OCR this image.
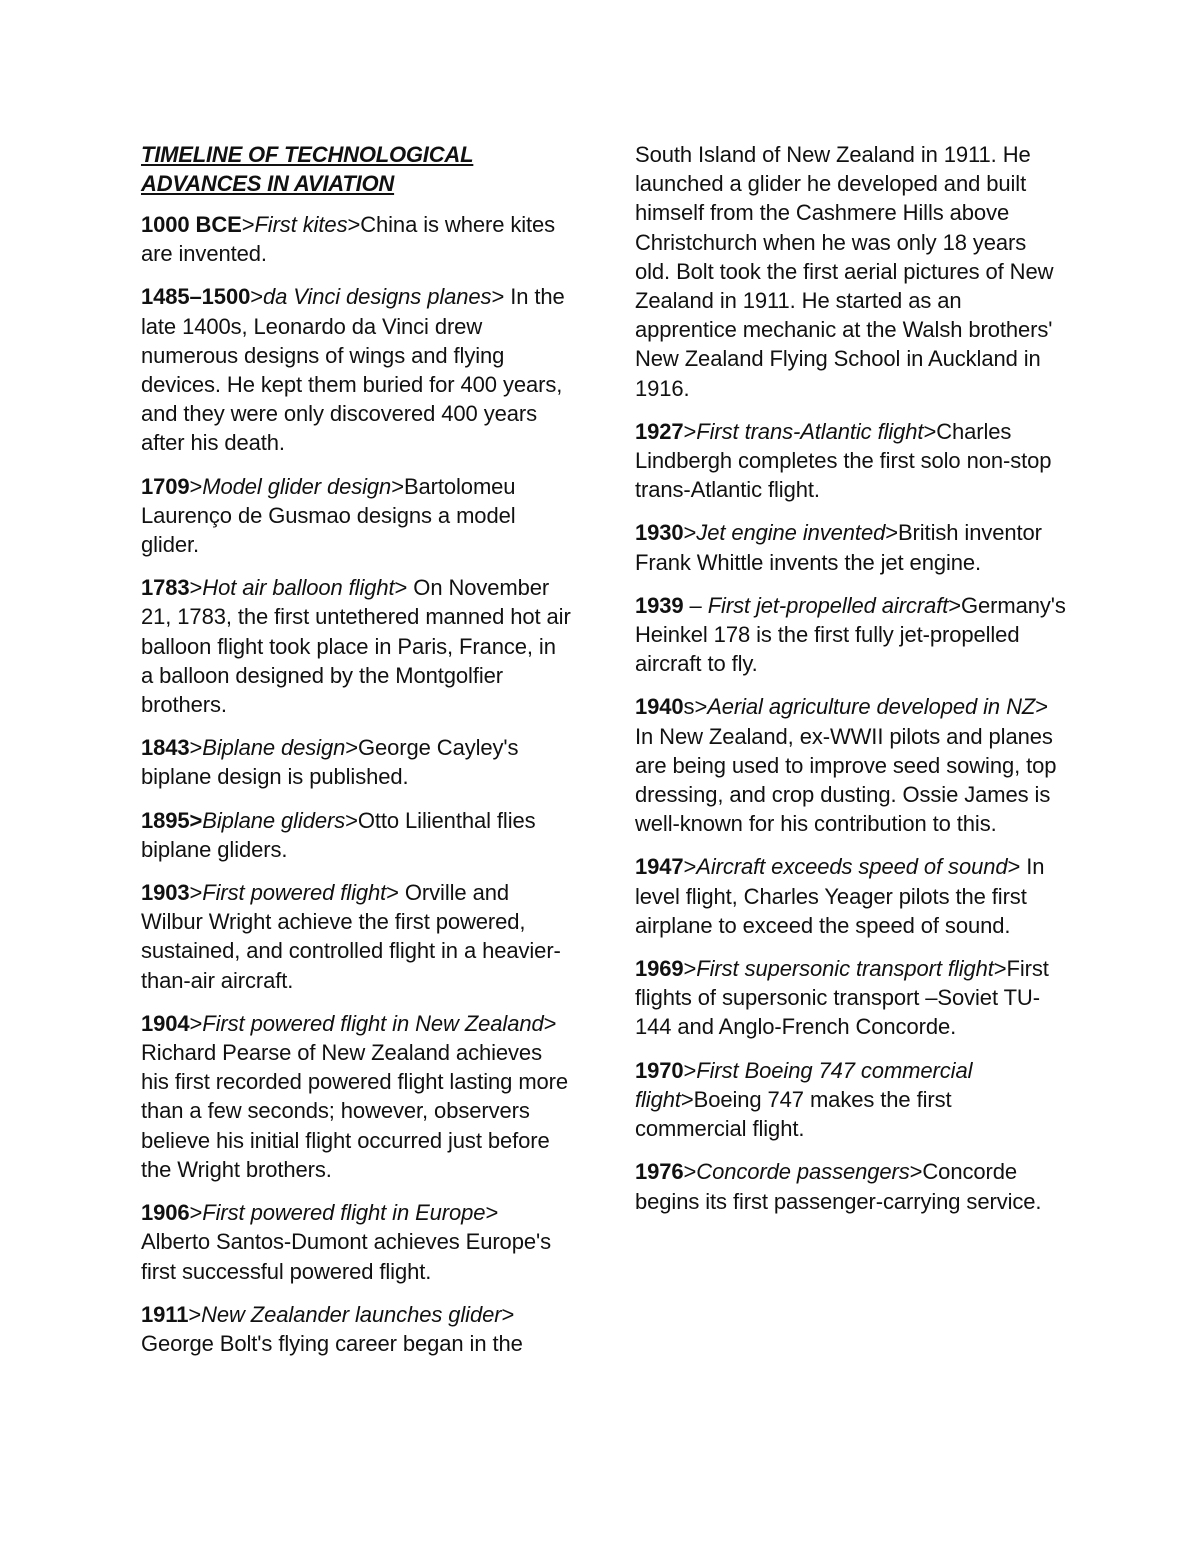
TIMELINE OF TECHNOLOGICAL
ADVANCES IN AVIATION

1000 BCE>First kites>China is where kites are invented.

1485–1500>da Vinci designs planes> In the late 1400s, Leonardo da Vinci drew numerous designs of wings and flying devices. He kept them buried for 400 years, and they were only discovered 400 years after his death.

1709>Model glider design>Bartolomeu Laurenço de Gusmao designs a model glider.

1783>Hot air balloon flight> On November 21, 1783, the first untethered manned hot air balloon flight took place in Paris, France, in a balloon designed by the Montgolfier brothers.

1843>Biplane design>George Cayley's biplane design is published.

1895>Biplane gliders>Otto Lilienthal flies biplane gliders.

1903>First powered flight> Orville and Wilbur Wright achieve the first powered, sustained, and controlled flight in a heavier-than-air aircraft.

1904>First powered flight in New Zealand> Richard Pearse of New Zealand achieves his first recorded powered flight lasting more than a few seconds; however, observers believe his initial flight occurred just before the Wright brothers.

1906>First powered flight in Europe> Alberto Santos-Dumont achieves Europe's first successful powered flight.

1911>New Zealander launches glider> George Bolt's flying career began in the

South Island of New Zealand in 1911. He launched a glider he developed and built himself from the Cashmere Hills above Christchurch when he was only 18 years old. Bolt took the first aerial pictures of New Zealand in 1911. He started as an apprentice mechanic at the Walsh brothers' New Zealand Flying School in Auckland in 1916.

1927>First trans-Atlantic flight>Charles Lindbergh completes the first solo non-stop trans-Atlantic flight.

1930>Jet engine invented>British inventor Frank Whittle invents the jet engine.

1939 – First jet-propelled aircraft>Germany's Heinkel 178 is the first fully jet-propelled aircraft to fly.

1940s>Aerial agriculture developed in NZ> In New Zealand, ex-WWII pilots and planes are being used to improve seed sowing, top dressing, and crop dusting. Ossie James is well-known for his contribution to this.

1947>Aircraft exceeds speed of sound> In level flight, Charles Yeager pilots the first airplane to exceed the speed of sound.

1969>First supersonic transport flight>First flights of supersonic transport –Soviet TU-144 and Anglo-French Concorde.

1970>First Boeing 747 commercial flight>Boeing 747 makes the first commercial flight.

1976>Concorde passengers>Concorde begins its first passenger-carrying service.
